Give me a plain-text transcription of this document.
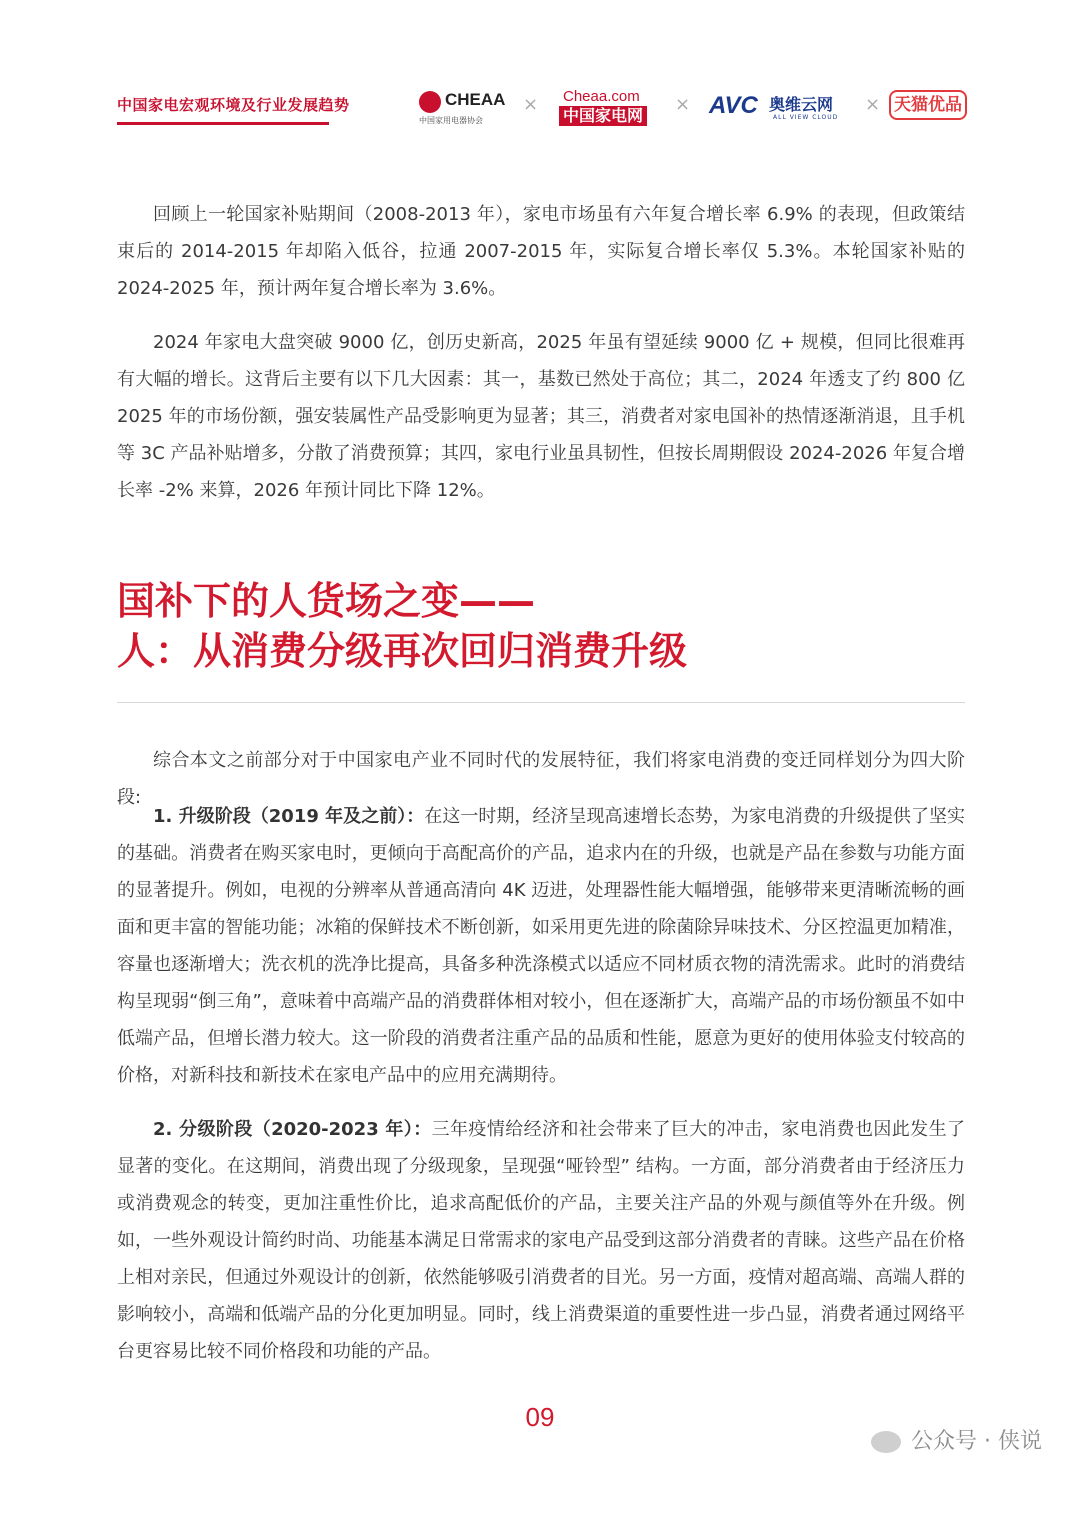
中国家电宏观环境及行业发展趋势	CHEAA
中国家用电器协会
× Cheaa.com
中国家电网
× AVC 奥维云网
ALL VIEW CLOUD
× 天猫优品

回顾上一轮国家补贴期间（2008-2013 年），家电市场虽有六年复合增长率 6.9% 的表现，但政策结束后的 2014-2015 年却陷入低谷，拉通 2007-2015 年，实际复合增长率仅 5.3%。本轮国家补贴的 2024-2025 年，预计两年复合增长率为 3.6%。

2024 年家电大盘突破 9000 亿，创历史新高，2025 年虽有望延续 9000 亿 + 规模，但同比很难再有大幅的增长。这背后主要有以下几大因素：其一，基数已然处于高位；其二，2024 年透支了约 800 亿 2025 年的市场份额，强安装属性产品受影响更为显著；其三，消费者对家电国补的热情逐渐消退，且手机等 3C 产品补贴增多，分散了消费预算；其四，家电行业虽具韧性，但按长周期假设 2024-2026 年复合增长率 -2% 来算，2026 年预计同比下降 12%。

国补下的人货场之变——
人：从消费分级再次回归消费升级

综合本文之前部分对于中国家电产业不同时代的发展特征，我们将家电消费的变迁同样划分为四大阶段:

1. 升级阶段（2019 年及之前）：在这一时期，经济呈现高速增长态势，为家电消费的升级提供了坚实的基础。消费者在购买家电时，更倾向于高配高价的产品，追求内在的升级，也就是产品在参数与功能方面的显著提升。例如，电视的分辨率从普通高清向 4K 迈进，处理器性能大幅增强，能够带来更清晰流畅的画面和更丰富的智能功能；冰箱的保鲜技术不断创新，如采用更先进的除菌除异味技术、分区控温更加精准，容量也逐渐增大；洗衣机的洗净比提高，具备多种洗涤模式以适应不同材质衣物的清洗需求。此时的消费结构呈现弱“倒三角”，意味着中高端产品的消费群体相对较小，但在逐渐扩大，高端产品的市场份额虽不如中低端产品，但增长潜力较大。这一阶段的消费者注重产品的品质和性能，愿意为更好的使用体验支付较高的价格，对新科技和新技术在家电产品中的应用充满期待。

2. 分级阶段（2020-2023 年）：三年疫情给经济和社会带来了巨大的冲击，家电消费也因此发生了显著的变化。在这期间，消费出现了分级现象，呈现强“哑铃型” 结构。一方面，部分消费者由于经济压力或消费观念的转变，更加注重性价比，追求高配低价的产品，主要关注产品的外观与颜值等外在升级。例如，一些外观设计简约时尚、功能基本满足日常需求的家电产品受到这部分消费者的青睐。这些产品在价格上相对亲民，但通过外观设计的创新，依然能够吸引消费者的目光。另一方面，疫情对超高端、高端人群的影响较小，高端和低端产品的分化更加明显。同时，线上消费渠道的重要性进一步凸显，消费者通过网络平台更容易比较不同价格段和功能的产品。

09
公众号 · 侠说
